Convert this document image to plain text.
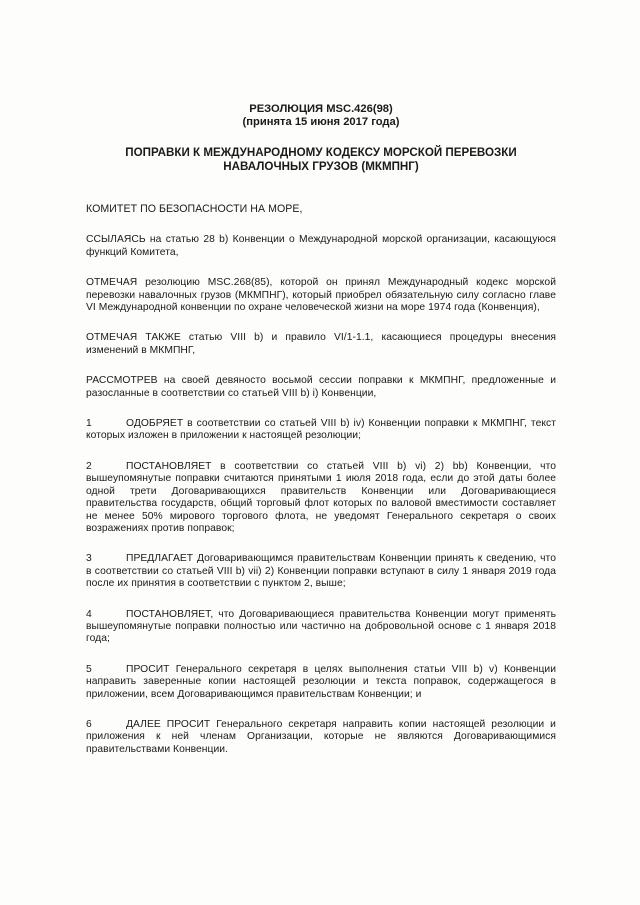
РЕЗОЛЮЦИЯ MSC.426(98)

(принята 15 июня 2017 года)

ПОПРАВКИ К МЕЖДУНАРОДНОМУ КОДЕКСУ МОРСКОЙ ПЕРЕВОЗКИ
НАВАЛОЧНЫХ ГРУЗОВ (МКМПНГ)

КОМИТЕТ ПО БЕЗОПАСНОСТИ НА МОРЕ,

ССЫЛАЯСЬ на статью 28 b) Конвенции о Международной морской организации, касающуюся функций Комитета,

ОТМЕЧАЯ резолюцию MSC.268(85), которой он принял Международный кодекс морской перевозки навалочных грузов (МКМПНГ), который приобрел обязательную силу согласно главе VI Международной конвенции по охране человеческой жизни на море 1974 года (Конвенция),

ОТМЕЧАЯ ТАКЖЕ статью VIII b) и правило VI/1-1.1, касающиеся процедуры внесения изменений в МКМПНГ,

РАССМОТРЕВ на своей девяносто восьмой сессии поправки к МКМПНГ, предложенные и разосланные в соответствии со статьей VIII b) i) Конвенции,

1	ОДОБРЯЕТ в соответствии со статьей VIII b) iv) Конвенции поправки к МКМПНГ, текст которых изложен в приложении к настоящей резолюции;

2	ПОСТАНОВЛЯЕТ в соответствии со статьей VIII b) vi) 2) bb) Конвенции, что вышеупомянутые поправки считаются принятыми 1 июля 2018 года, если до этой даты более одной трети Договаривающихся правительств Конвенции или Договаривающиеся правительства государств, общий торговый флот которых по валовой вместимости составляет не менее 50% мирового торгового флота, не уведомят Генерального секретаря о своих возражениях против поправок;

3	ПРЕДЛАГАЕТ Договаривающимся правительствам Конвенции принять к сведению, что в соответствии со статьей VIII b) vii) 2) Конвенции поправки вступают в силу 1 января 2019 года после их принятия в соответствии с пунктом 2, выше;

4	ПОСТАНОВЛЯЕТ, что Договаривающиеся правительства Конвенции могут применять вышеупомянутые поправки полностью или частично на добровольной основе с 1 января 2018 года;

5	ПРОСИТ Генерального секретаря в целях выполнения статьи VIII b) v) Конвенции направить заверенные копии настоящей резолюции и текста поправок, содержащегося в приложении, всем Договаривающимся правительствам Конвенции; и

6	ДАЛЕЕ ПРОСИТ Генерального секретаря направить копии настоящей резолюции и приложения к ней членам Организации, которые не являются Договаривающимися правительствами Конвенции.
